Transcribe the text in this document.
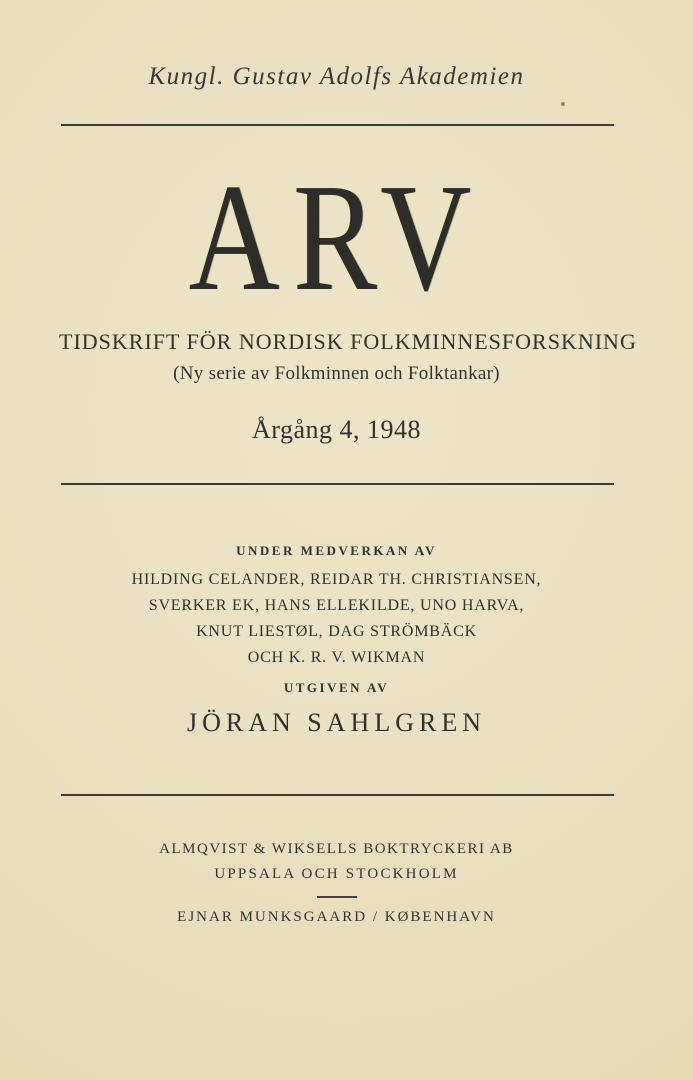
Kungl. Gustav Adolfs Akademien
ARV
TIDSKRIFT FÖR NORDISK FOLKMINNESFORSKNING
(Ny serie av Folkminnen och Folktankar)
Årgång 4, 1948
UNDER MEDVERKAN AV
HILDING CELANDER, REIDAR TH. CHRISTIANSEN,
SVERKER EK, HANS ELLEKILDE, UNO HARVA,
KNUT LIESTØL, DAG STRÖMBÄCK
OCH K. R. V. WIKMAN
UTGIVEN AV
JÖRAN SAHLGREN
ALMQVIST & WIKSELLS BOKTRYCKERI AB
UPPSALA OCH STOCKHOLM
EJNAR MUNKSGAARD / KØBENHAVN
